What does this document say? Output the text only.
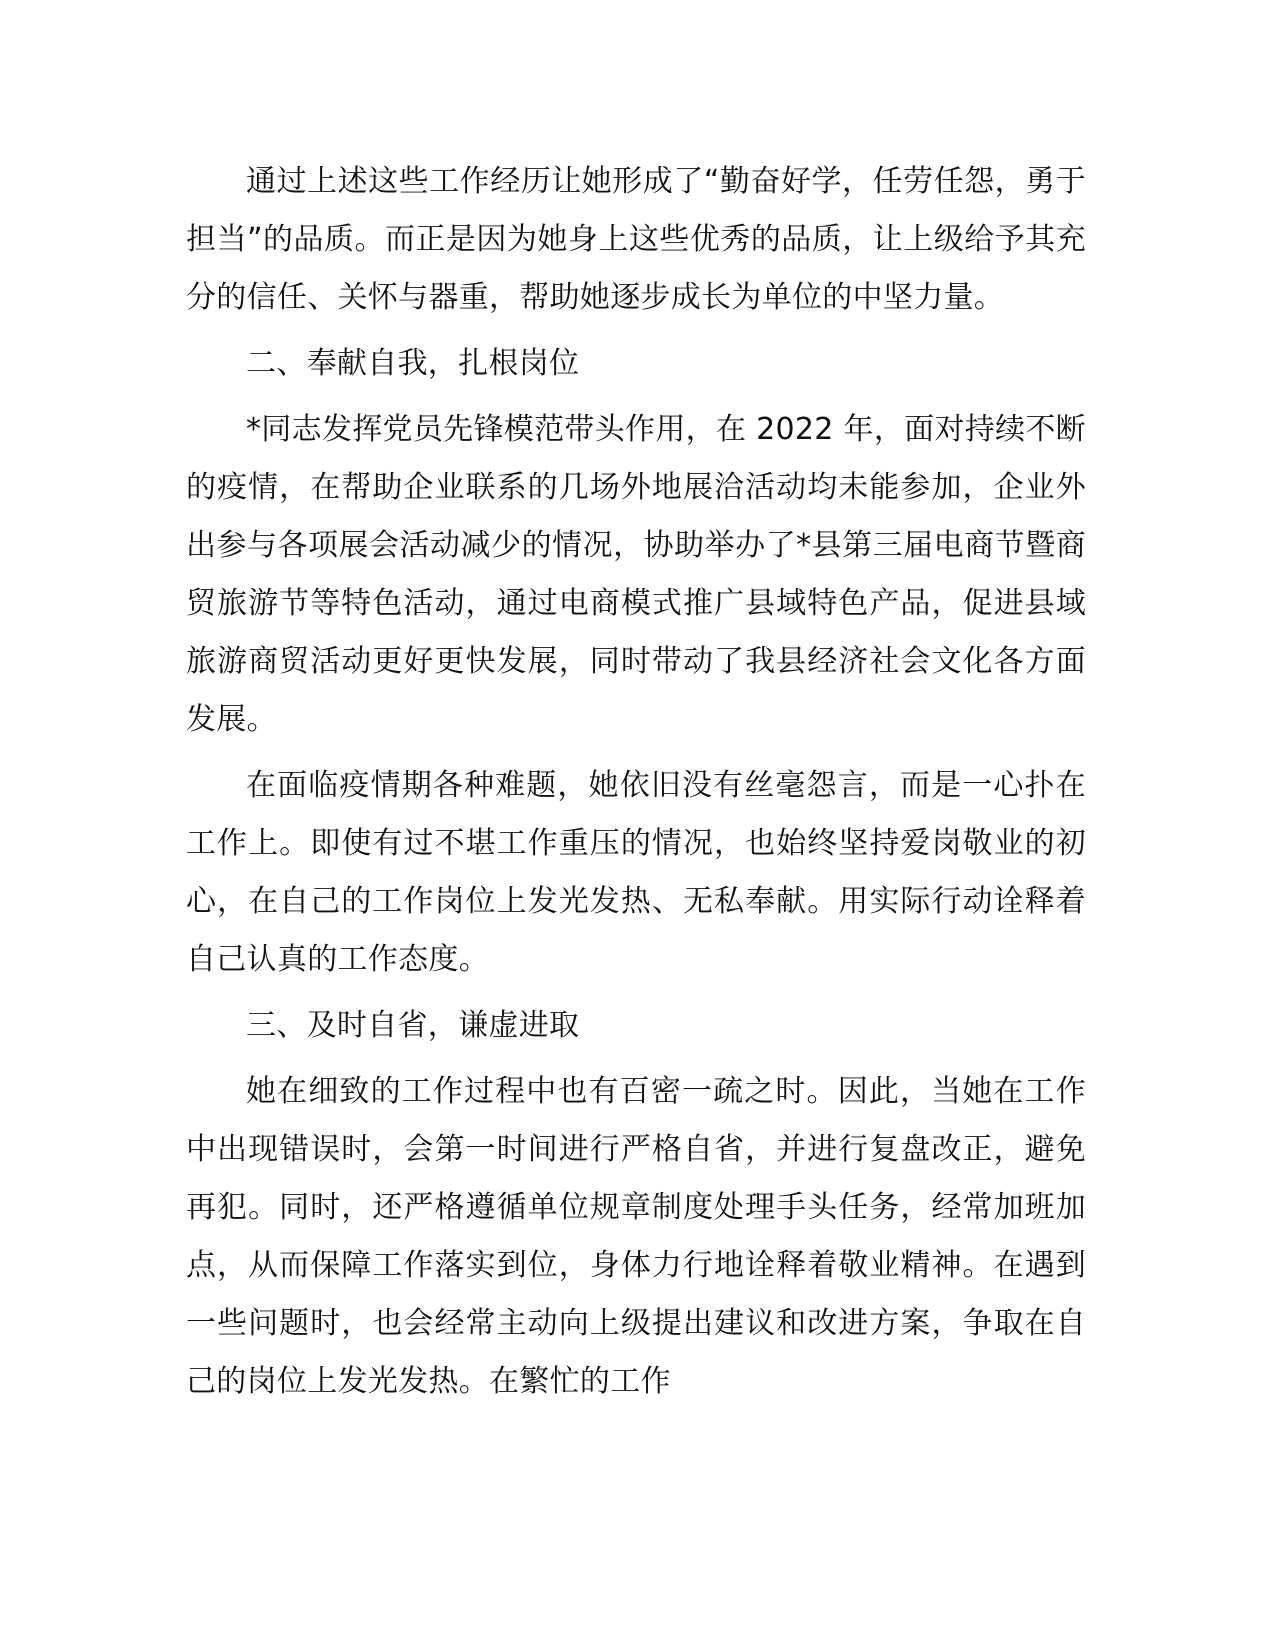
通过上述这些工作经历让她形成了“勤奋好学，任劳任怨，勇于担当”的品质。而正是因为她身上这些优秀的品质，让上级给予其充分的信任、关怀与器重，帮助她逐步成长为单位的中坚力量。

二、奉献自我，扎根岗位

*同志发挥党员先锋模范带头作用，在 2022 年，面对持续不断的疫情，在帮助企业联系的几场外地展洽活动均未能参加，企业外出参与各项展会活动减少的情况，协助举办了*县第三届电商节暨商贸旅游节等特色活动，通过电商模式推广县域特色产品，促进县域旅游商贸活动更好更快发展，同时带动了我县经济社会文化各方面发展。

在面临疫情期各种难题，她依旧没有丝毫怨言，而是一心扑在工作上。即使有过不堪工作重压的情况，也始终坚持爱岗敬业的初心，在自己的工作岗位上发光发热、无私奉献。用实际行动诠释着自己认真的工作态度。

三、及时自省，谦虚进取

她在细致的工作过程中也有百密一疏之时。因此，当她在工作中出现错误时，会第一时间进行严格自省，并进行复盘改正，避免再犯。同时，还严格遵循单位规章制度处理手头任务，经常加班加点，从而保障工作落实到位，身体力行地诠释着敬业精神。在遇到一些问题时，也会经常主动向上级提出建议和改进方案，争取在自己的岗位上发光发热。在繁忙的工作
